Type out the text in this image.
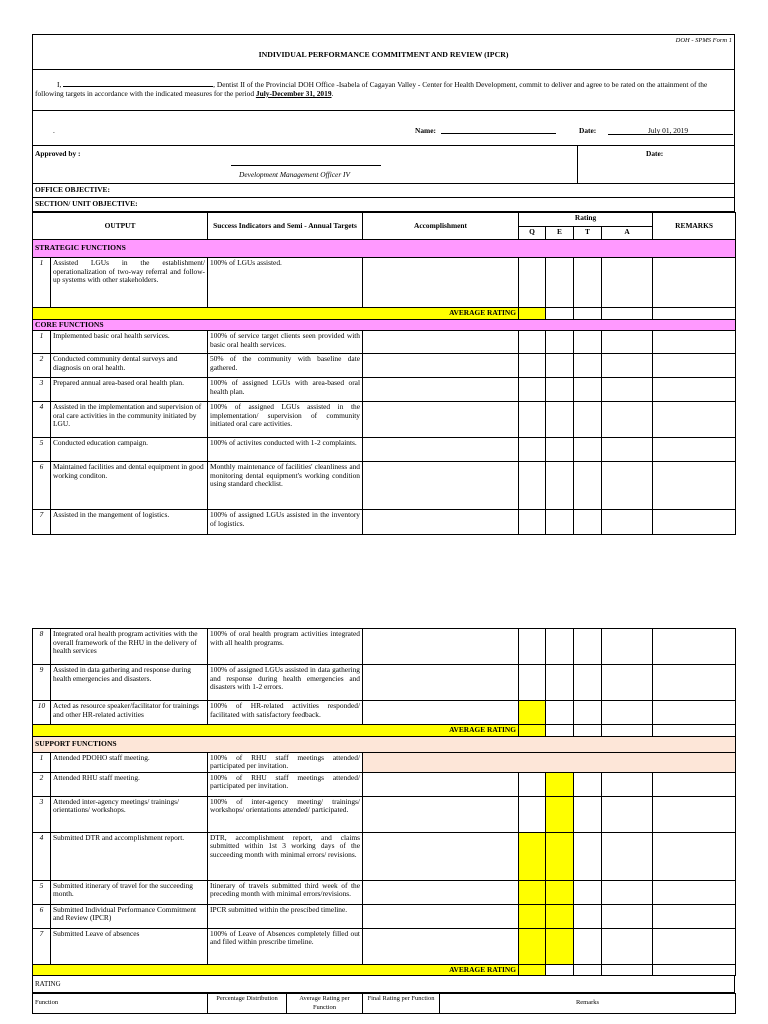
DOH - SPMS Form 1
INDIVIDUAL PERFORMANCE COMMITMENT AND REVIEW (IPCR)
I,	, Dentist II of the Provincial DOH Office -Isabela of Cagayan Valley - Center for Health Development, commit to deliver and agree to be rated on the attainment of the following targets in accordance with the indicated measures for the period July-December 31, 2019.
.	Name:	Date:	July 01, 2019
Approved by :
Development Management Officer IV
Date:
OFFICE OBJECTIVE:
SECTION/ UNIT OBJECTIVE:
OUTPUT		Success Indicators and Semi - Annual Targets	Accomplishment	Rating				REMARKS
				Q	E	T	A	
STRATEGIC FUNCTIONS								
1	Assisted LGUs in the establishment/ operationalization of two-way referral and follow-up systems with other stakeholders.	100% of LGUs assisted.						
AVERAGE RATING								
CORE FUNCTIONS								
1	Implemented basic oral health services.	100% of service target clients seen provided with basic oral health services.						
2	Conducted community dental surveys and diagnosis on oral health.	50% of the community with baseline date gathered.						
3	Prepared annual area-based oral health plan.	100% of assigned LGUs with area-based oral health plan.						
4	Assisted in the implementation and supervision of oral care activities in the community initiated by LGU.	100% of assigned LGUs assisted in the implementation/ supervision of community initiated oral care activities.						
5	Conducted education campaign.	100% of activites conducted with 1-2 complaints.						
6	Maintained facilities and dental equipment in good working conditon.	Monthly maintenance of facilities' cleanliness and monitoring dental equipment's working condition using standard checklist.						
7	Assisted in the mangement of logistics.	100% of assigned LGUs assisted in the inventory of logistics.						
8	Integrated oral health program activities with the overall framework of the RHU in the delivery of health services	100% of oral health program activities integrated with all health programs.						
9	Assisted in data gathering and response during health emergencies and disasters.	100% of assigned LGUs assisted in data gathering and response during health emergencies and disasters with 1-2 errors.						
10	Acted as resource speaker/facilitator for trainings and other HR-related activities	100% of HR-related activities responded/ facilitated with satisfactory feedback.						
AVERAGE RATING								
SUPPORT FUNCTIONS								
1	Attended PDOHO staff meeting.	100% of RHU staff meetings attended/ participated per invitation.						
2	Attended RHU staff meeting.	100% of RHU staff meetings attended/ participated per invitation.						
3	Attended inter-agency meetings/ trainings/ orientations/ workshops.	100% of inter-agency meeting/ trainings/ workshops/ orientations attended/ participated.						
4	Submitted DTR and accomplishment report.	DTR, accomplishment report, and claims submitted within 1st 3 working days of the succeeding month with minimal errors/ revisions.						
5	Submitted itinerary of travel for the succeeding month.	Itinerary of travels submitted third week of the preceding month with minimal errors/revisions.						
6	Submitted Individual Performance Commitment and Review (IPCR)	IPCR submitted within the prescibed timeline.						
7	Submitted Leave of absences	100% of Leave of Absences completely filled out and filed within prescribe timeline.						
AVERAGE RATING								
RATING
Function	Percentage Distribution	Average Rating per Function	Final Rating per Function	Remarks
